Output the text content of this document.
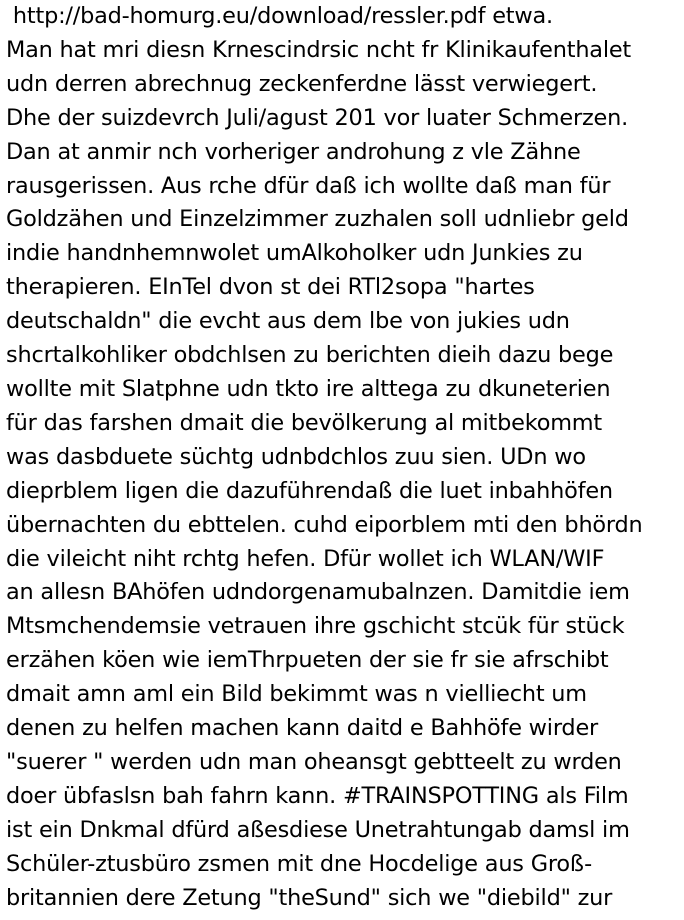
http://bad-homurg.eu/download/ressler.pdf etwa.

Man hat mri diesn Krnescindrsic ncht fr Klinikaufenthalet

udn derren abrechnug zeckenferdne lässt verwiegert.

Dhe der suizdevrch Juli/agust 201 vor luater Schmerzen.

Dan at anmir nch vorheriger androhung z vle Zähne

rausgerissen. Aus rche dfür daß ich wollte daß man für

Goldzähen und Einzelzimmer zuzhalen soll udnliebr geld

indie handnhemnwolet umAlkoholker udn Junkies zu

therapieren. EInTel dvon st dei RTl2sopa "hartes

deutschaldn" die evcht aus dem lbe von jukies udn

shcrtalkohliker obdchlsen zu berichten dieih dazu bege

wollte mit Slatphne udn tkto ire alttega zu dkuneterien

für das farshen dmait die bevölkerung al mitbekommt

was dasbduete süchtg udnbdchlos zuu sien. UDn wo

dieprblem ligen die dazuführendaß die luet inbahhöfen

übernachten du ebttelen. cuhd eiporblem mti den bhördn

die vileicht niht rchtg hefen. Dfür wollet ich WLAN/WIF

an allesn BAhöfen udndorgenamubalnzen. Damitdie iem

Mtsmchendemsie vetrauen ihre gschicht stcük für stück

erzähen köen wie iemThrpueten der sie fr sie afrschibt

dmait amn aml ein Bild bekimmt was n vielliecht um

denen zu helfen machen kann daitd e Bahhöfe wirder

"suerer " werden udn man oheansgt gebtteelt zu wrden

doer übfaslsn bah fahrn kann. #TRAINSPOTTING als Film

ist ein Dnkmal dfürd aßesdiese Unetrahtungab damsl im

Schüler-ztusbüro zsmen mit dne Hocdelige aus Groß-

britannien dere Zetung "theSund" sich we "diebild" zur
